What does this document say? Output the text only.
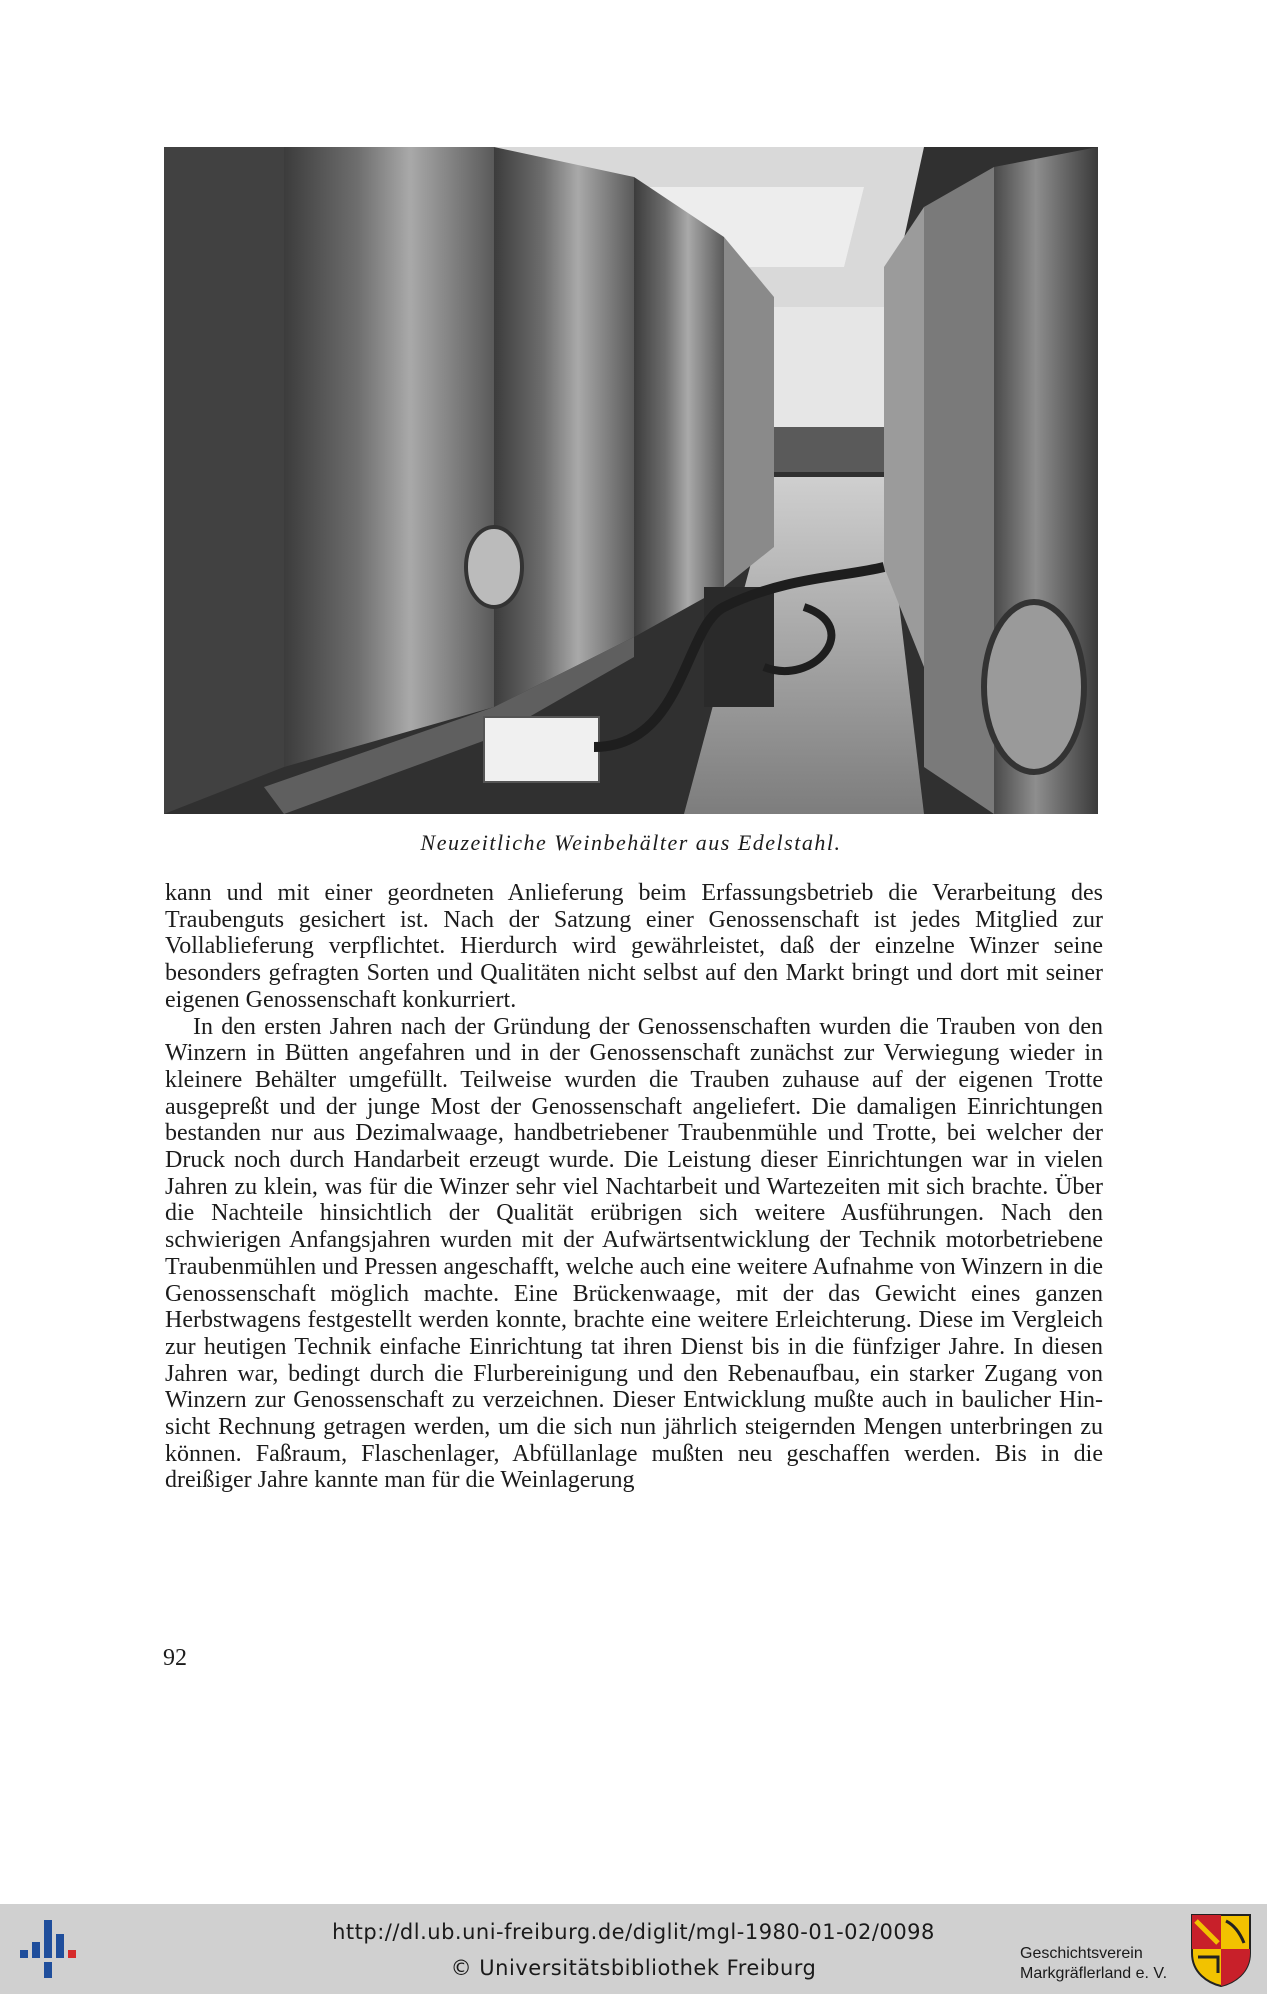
Neuzeitliche Weinbehälter aus Edelstahl.

kann und mit einer geordneten Anlieferung beim Erfassungsbetrieb die Verarbeitung des Traubenguts gesichert ist. Nach der Satzung einer Genossenschaft ist jedes Mitglied zur Vollablieferung verpflichtet. Hierdurch wird gewährleistet, daß der einzelne Winzer seine besonders gefragten Sorten und Qualitäten nicht selbst auf den Markt bringt und dort mit seiner eigenen Genossenschaft konkurriert.

In den ersten Jahren nach der Gründung der Genossenschaften wurden die Trauben von den Winzern in Bütten angefahren und in der Genossenschaft zunächst zur Verwiegung wieder in kleinere Behälter umgefüllt. Teilweise wurden die Trauben zuhause auf der eigenen Trotte ausgepreßt und der junge Most der Genossenschaft angeliefert. Die damaligen Einrichtungen bestanden nur aus Dezimalwaage, handbetriebener Traubenmühle und Trotte, bei welcher der Druck noch durch Handarbeit erzeugt wurde. Die Leistung dieser Einrichtungen war in vielen Jahren zu klein, was für die Winzer sehr viel Nachtarbeit und Wartezeiten mit sich brachte. Über die Nachteile hinsichtlich der Qualität erübrigen sich weitere Ausführungen. Nach den schwierigen Anfangsjahren wurden mit der Aufwärtsentwicklung der Technik motorbetriebene Traubenmühlen und Pressen angeschafft, welche auch eine weitere Aufnahme von Winzern in die Genossenschaft möglich machte. Eine Brückenwaage, mit der das Gewicht eines ganzen Herbstwagens festgestellt werden konnte, brachte eine weitere Erleichterung. Diese im Vergleich zur heutigen Technik einfache Einrichtung tat ihren Dienst bis in die fünfziger Jahre. In diesen Jahren war, bedingt durch die Flurbereinigung und den Rebenaufbau, ein starker Zugang von Winzern zur Genossenschaft zu verzeichnen. Dieser Entwicklung mußte auch in baulicher Hinsicht Rechnung getragen werden, um die sich nun jährlich steigernden Mengen unterbringen zu können. Faßraum, Flaschenlager, Abfüllanlage mußten neu geschaffen werden. Bis in die dreißiger Jahre kannte man für die Weinlagerung

92
http://dl.ub.uni-freiburg.de/diglit/mgl-1980-01-02/0098
© Universitätsbibliothek Freiburg
Geschichtsverein
Markgräflerland e. V.
